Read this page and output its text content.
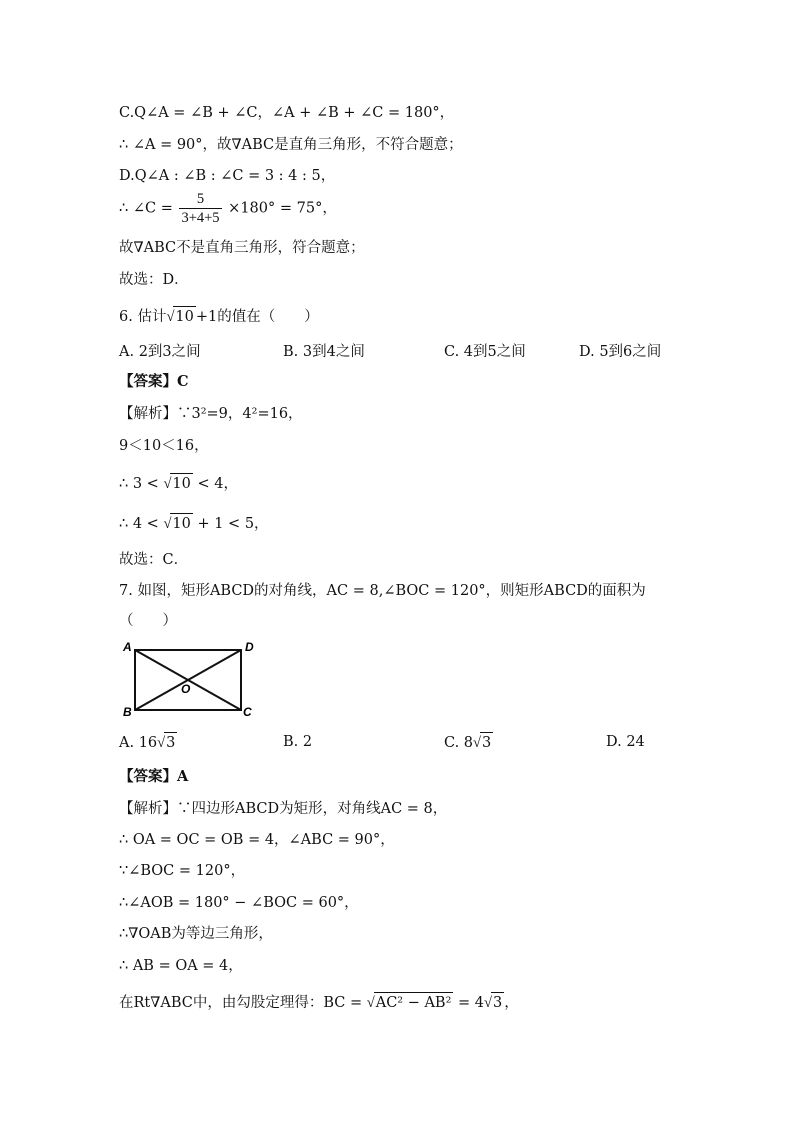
C.Q∠A = ∠B + ∠C，∠A + ∠B + ∠C = 180°，
∴ ∠A = 90°，故∇ABC是直角三角形，不符合题意；
D.Q∠A : ∠B : ∠C = 3 : 4 : 5，
∴ ∠C = $\frac{5}{3+4+5} \times 180^\circ = 75^\circ$，
故∇ABC不是直角三角形，符合题意；
故选：D．
6. 估计√10 +1的值在（　　）
A. 2到3之间	B. 3到4之间	C. 4到5之间	D. 5到6之间
【答案】C
【解析】∵3²=9，4²=16，
9＜10＜16，
∴ 3 < √10 < 4，
∴ 4 < √10 + 1 < 5，
故选：C．
7. 如图，矩形ABCD的对角线，AC = 8,∠BOC = 120°，则矩形ABCD的面积为
（　　）
A	D
B	C
O
A. 16√3	B. 2	C. 8√3	D. 24
【答案】A
【解析】∵四边形ABCD为矩形，对角线AC = 8，
∴ OA = OC = OB = 4，∠ABC = 90°，
∵∠BOC = 120°，
∴∠AOB = 180° − ∠BOC = 60°，
∴∇OAB为等边三角形，
∴ AB = OA = 4，
在Rt∇ABC中，由勾股定理得：BC = √AC² − AB² = 4√3 ，
